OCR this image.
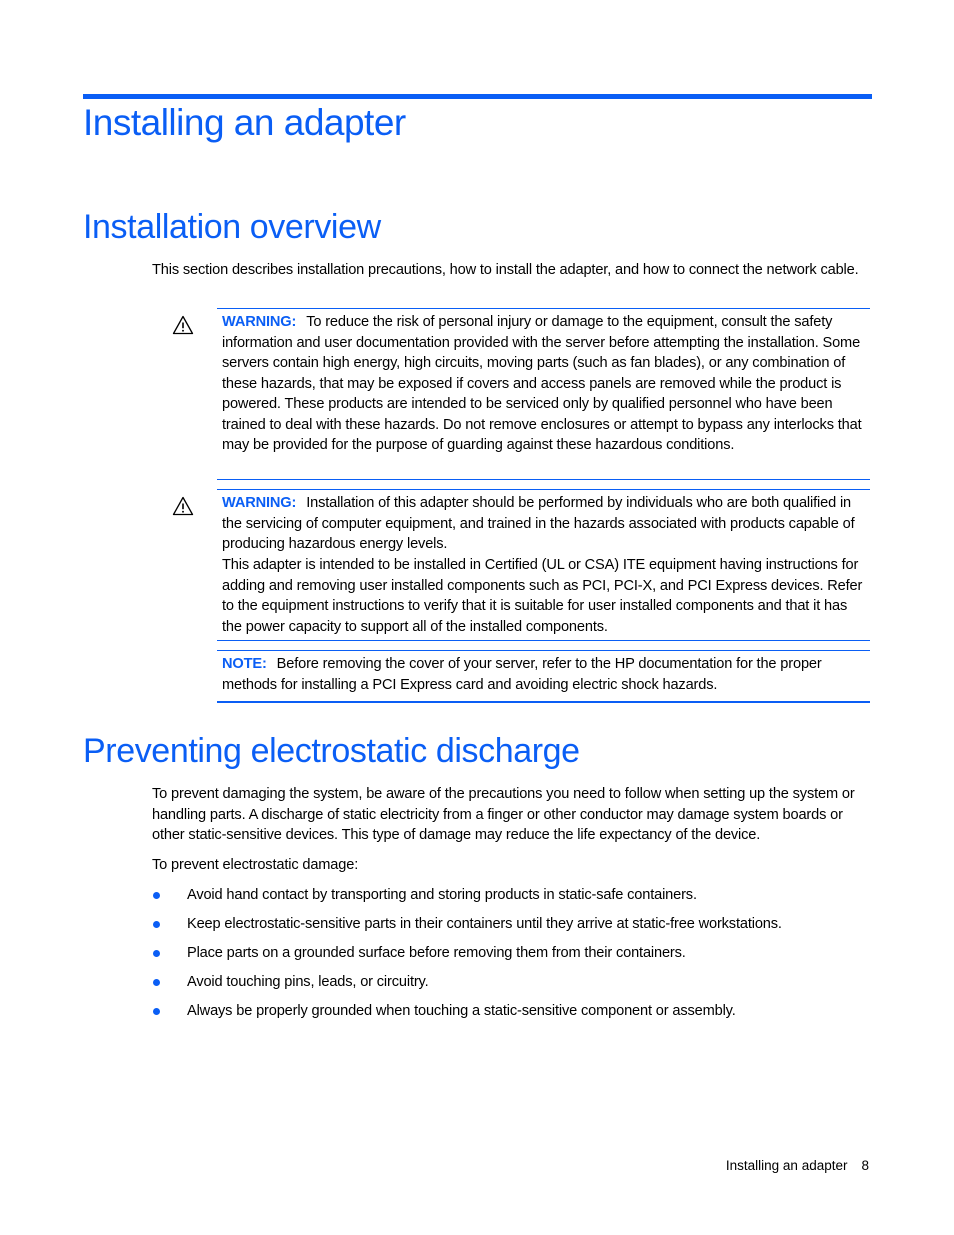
Installing an adapter
Installation overview

This section describes installation precautions, how to install the adapter, and how to connect the network cable.

WARNING: To reduce the risk of personal injury or damage to the equipment, consult the safety information and user documentation provided with the server before attempting the installation. Some servers contain high energy, high circuits, moving parts (such as fan blades), or any combination of these hazards, that may be exposed if covers and access panels are removed while the product is powered. These products are intended to be serviced only by qualified personnel who have been trained to deal with these hazards. Do not remove enclosures or attempt to bypass any interlocks that may be provided for the purpose of guarding against these hazardous conditions.

WARNING: Installation of this adapter should be performed by individuals who are both qualified in the servicing of computer equipment, and trained in the hazards associated with products capable of producing hazardous energy levels.

This adapter is intended to be installed in Certified (UL or CSA) ITE equipment having instructions for adding and removing user installed components such as PCI, PCI-X, and PCI Express devices. Refer to the equipment instructions to verify that it is suitable for user installed components and that it has the power capacity to support all of the installed components.

NOTE: Before removing the cover of your server, refer to the HP documentation for the proper methods for installing a PCI Express card and avoiding electric shock hazards.

Preventing electrostatic discharge

To prevent damaging the system, be aware of the precautions you need to follow when setting up the system or handling parts. A discharge of static electricity from a finger or other conductor may damage system boards or other static-sensitive devices. This type of damage may reduce the life expectancy of the device.

To prevent electrostatic damage:

Avoid hand contact by transporting and storing products in static-safe containers.
Keep electrostatic-sensitive parts in their containers until they arrive at static-free workstations.
Place parts on a grounded surface before removing them from their containers.
Avoid touching pins, leads, or circuitry.
Always be properly grounded when touching a static-sensitive component or assembly.
Installing an adapter 8
